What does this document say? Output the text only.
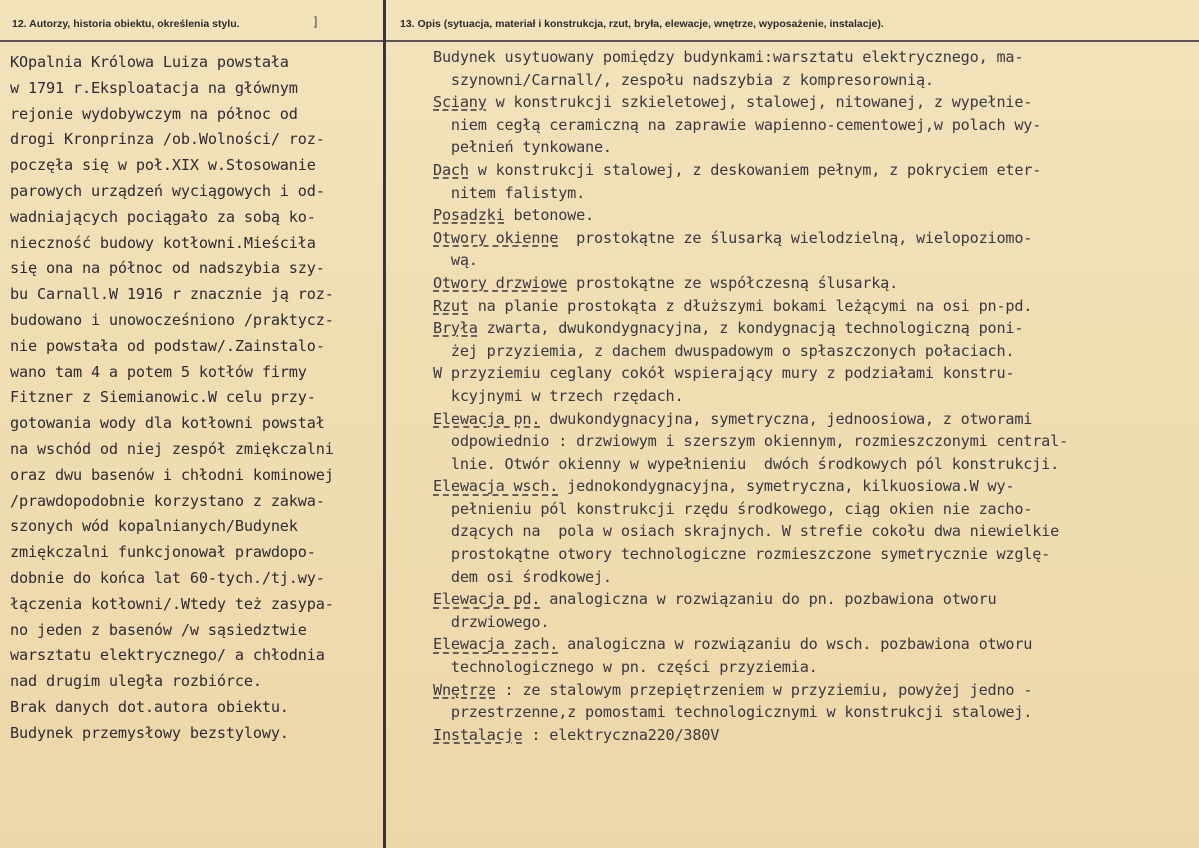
12. Autorzy, historia obiektu, określenia stylu.	]	13. Opis (sytuacja, materiał i konstrukcja, rzut, bryła, elewacje, wnętrze, wyposażenie, instalacje).
KOpalnia Królowa Luiza powstała
w 1791 r.Eksploatacja na głównym
rejonie wydobywczym na północ od
drogi Kronprinza /ob.Wolności/ roz-
poczęła się w poł.XIX w.Stosowanie
parowych urządzeń wyciągowych i od-
wadniających pociągało za sobą ko-
nieczność budowy kotłowni.Mieściła
się ona na północ od nadszybia szy-
bu Carnall.W 1916 r znacznie ją roz-
budowano i unowocześniono /praktycz-
nie powstała od podstaw/.Zainstalo-
wano tam 4 a potem 5 kotłów firmy
Fitzner z Siemianowic.W celu przy-
gotowania wody dla kotłowni powstał
na wschód od niej zespół zmiękczalni
oraz dwu basenów i chłodni kominowej
/prawdopodobnie korzystano z zakwa-
szonych wód kopalnianych/Budynek
zmiękczalni funkcjonował prawdopo-
dobnie do końca lat 60-tych./tj.wy-
łączenia kotłowni/.Wtedy też zasypa-
no jeden z basenów /w sąsiedztwie
warsztatu elektrycznego/ a chłodnia
nad drugim uległa rozbiórce.
Brak danych dot.autora obiektu.
Budynek przemysłowy bezstylowy.
Budynek usytuowany pomiędzy budynkami:warsztatu elektrycznego, ma-
szynowni/Carnall/, zespołu nadszybia z kompresorownią.
Sciany w konstrukcji szkieletowej, stalowej, nitowanej, z wypełnie-
niem cegłą ceramiczną na zaprawie wapienno-cementowej,w polach wy-
pełnień tynkowane.
Dach w konstrukcji stalowej, z deskowaniem pełnym, z pokryciem eter-
nitem falistym.
Posadzki betonowe.
Otwory okienne  prostokątne ze ślusarką wielodzielną, wielopoziomo-
wą.
Otwory drzwiowe prostokątne ze współczesną ślusarką.
Rzut na planie prostokąta z dłuższymi bokami leżącymi na osi pn-pd.
Bryła zwarta, dwukondygnacyjna, z kondygnacją technologiczną poni-
żej przyziemia, z dachem dwuspadowym o spłaszczonych połaciach.
W przyziemiu ceglany cokół wspierający mury z podziałami konstru-
kcyjnymi w trzech rzędach.
Elewacja pn. dwukondygnacyjna, symetryczna, jednoosiowa, z otworami
odpowiednio : drzwiowym i szerszym okiennym, rozmieszczonymi central-
lnie. Otwór okienny w wypełnieniu  dwóch środkowych pól konstrukcji.
Elewacja wsch. jednokondygnacyjna, symetryczna, kilkuosiowa.W wy-
pełnieniu pól konstrukcji rzędu środkowego, ciąg okien nie zacho-
dzących na  pola w osiach skrajnych. W strefie cokołu dwa niewielkie
prostokątne otwory technologiczne rozmieszczone symetrycznie wzglę-
dem osi środkowej.
Elewacja pd. analogiczna w rozwiązaniu do pn. pozbawiona otworu
drzwiowego.
Elewacja zach. analogiczna w rozwiązaniu do wsch. pozbawiona otworu
technologicznego w pn. części przyziemia.
Wnętrze : ze stalowym przepiętrzeniem w przyziemiu, powyżej jedno -
przestrzenne,z pomostami technologicznymi w konstrukcji stalowej.
Instalacje : elektryczna220/380V
